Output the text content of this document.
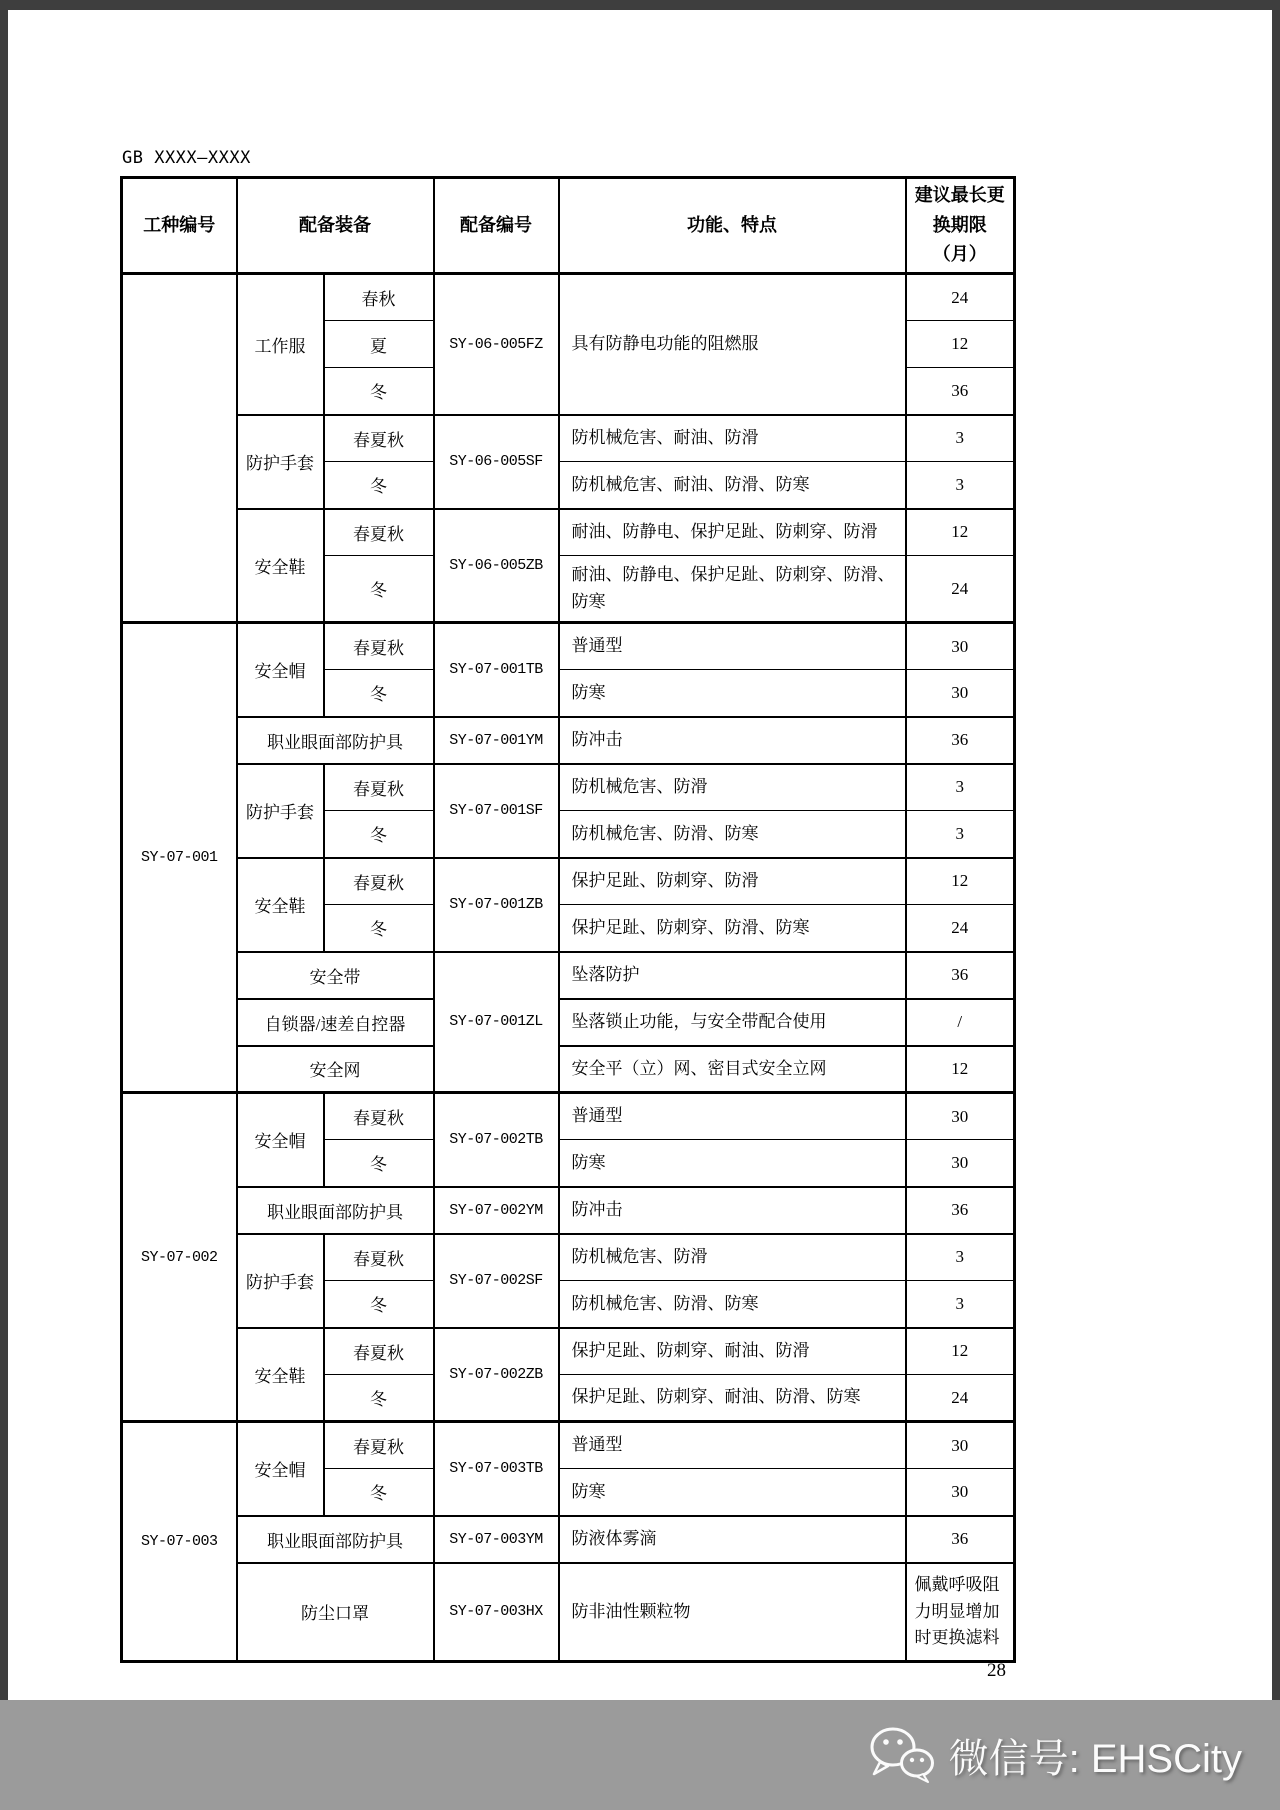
GB XXXX—XXXX
工种编号	配备装备		配备编号	功能、特点	建议最长更换期限（月）
	工作服	春秋	SY-06-005FZ	具有防静电功能的阻燃服	24
		夏			12
		冬			36
	防护手套	春夏秋	SY-06-005SF	防机械危害、耐油、防滑	3
		冬		防机械危害、耐油、防滑、防寒	3
	安全鞋	春夏秋	SY-06-005ZB	耐油、防静电、保护足趾、防刺穿、防滑	12
		冬		耐油、防静电、保护足趾、防刺穿、防滑、防寒	24
SY-07-001	安全帽	春夏秋	SY-07-001TB	普通型	30
		冬		防寒	30
	职业眼面部防护具		SY-07-001YM	防冲击	36
	防护手套	春夏秋	SY-07-001SF	防机械危害、防滑	3
		冬		防机械危害、防滑、防寒	3
	安全鞋	春夏秋	SY-07-001ZB	保护足趾、防刺穿、防滑	12
		冬		保护足趾、防刺穿、防滑、防寒	24
	安全带		SY-07-001ZL	坠落防护	36
	自锁器/速差自控器			坠落锁止功能，与安全带配合使用	/
	安全网			安全平（立）网、密目式安全立网	12
SY-07-002	安全帽	春夏秋	SY-07-002TB	普通型	30
		冬		防寒	30
	职业眼面部防护具		SY-07-002YM	防冲击	36
	防护手套	春夏秋	SY-07-002SF	防机械危害、防滑	3
		冬		防机械危害、防滑、防寒	3
	安全鞋	春夏秋	SY-07-002ZB	保护足趾、防刺穿、耐油、防滑	12
		冬		保护足趾、防刺穿、耐油、防滑、防寒	24
SY-07-003	安全帽	春夏秋	SY-07-003TB	普通型	30
		冬		防寒	30
	职业眼面部防护具		SY-07-003YM	防液体雾滴	36
	防尘口罩		SY-07-003HX	防非油性颗粒物	佩戴呼吸阻力明显增加时更换滤料
28
微信号: EHSCity
